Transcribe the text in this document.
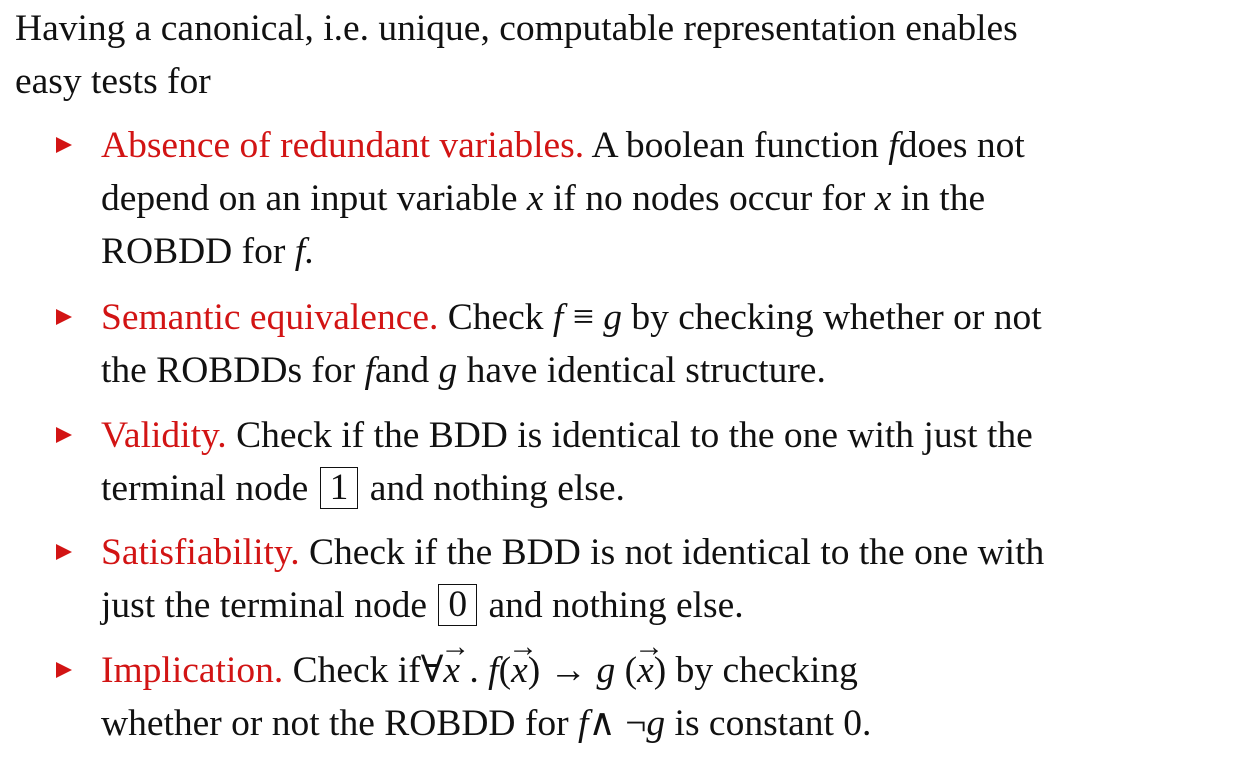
Having a canonical, i.e. unique, computable representation enables
easy tests for
Absence of redundant variables. A boolean function fdoes not
depend on an input variable x if no nodes occur for x in the
ROBDD for f.
Semantic equivalence. Check f ≡ g by checking whether or not
the ROBDDs for fand g have identical structure.
Validity. Check if the BDD is identical to the one with just the
terminal node 1 and nothing else.
Satisfiability. Check if the BDD is not identical to the one with
just the terminal node 0 and nothing else.
Implication. Check if∀→ x . f(→ x) → g (→ x) by checking
whether or not the ROBDD for f∧ ¬g is constant 0.
